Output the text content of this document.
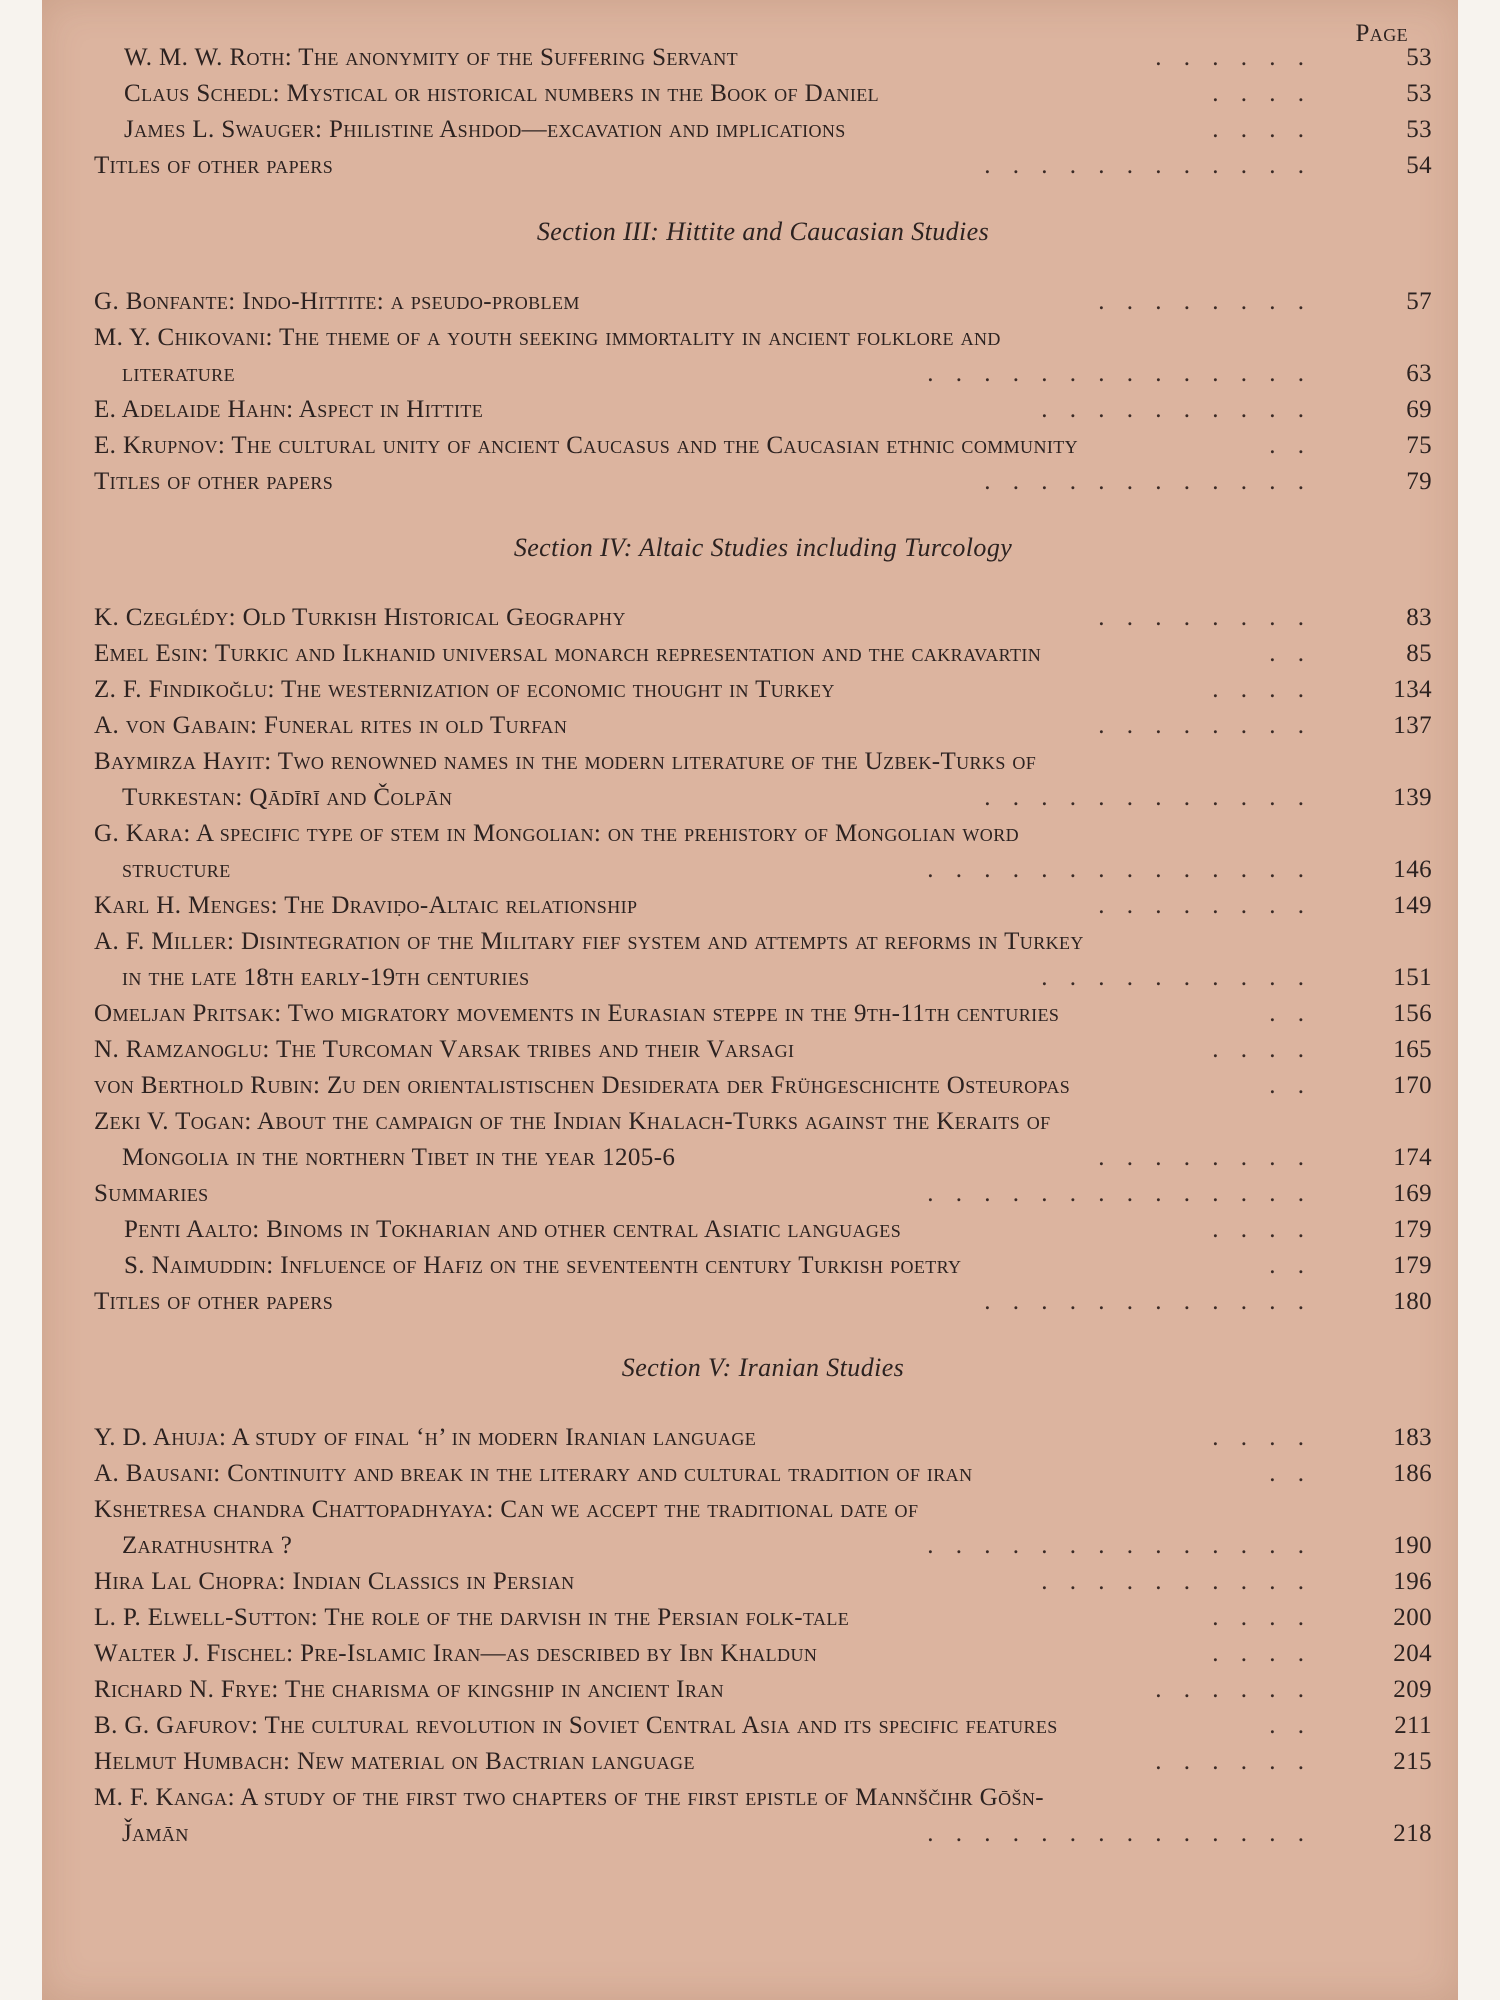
Page
W. M. W. Roth: The anonymity of the Suffering Servant	. . . . . .	53
Claus Schedl: Mystical or historical numbers in the Book of Daniel	. . . .	53
James L. Swauger: Philistine Ashdod—excavation and implications	. . . .	53
Titles of other papers	. . . . . . . . . . . .	54
Section III: Hittite and Caucasian Studies
G. Bonfante: Indo-Hittite: a pseudo-problem	. . . . . . . .	57
M. Y. Chikovani: The theme of a youth seeking immortality in ancient folklore and
literature	. . . . . . . . . . . . . .	63
E. Adelaide Hahn: Aspect in Hittite	. . . . . . . . . .	69
E. Krupnov: The cultural unity of ancient Caucasus and the Caucasian ethnic community	. .	75
Titles of other papers	. . . . . . . . . . . .	79
Section IV: Altaic Studies including Turcology
K. Czeglédy: Old Turkish Historical Geography	. . . . . . . .	83
Emel Esin: Turkic and Ilkhanid universal monarch representation and the cakravartin	. .	85
Z. F. Findikoğlu: The westernization of economic thought in Turkey	. . . .	134
A. von Gabain: Funeral rites in old Turfan	. . . . . . . .	137
Baymirza Hayit: Two renowned names in the modern literature of the Uzbek-Turks of
Turkestan: Qādīrī and Čolpān	. . . . . . . . . . . .	139
G. Kara: A specific type of stem in Mongolian: on the prehistory of Mongolian word
structure	. . . . . . . . . . . . . .	146
Karl H. Menges: The Draviḍo-Altaic relationship	. . . . . . . .	149
A. F. Miller: Disintegration of the Military fief system and attempts at reforms in Turkey
in the late 18th early-19th centuries	. . . . . . . . . .	151
Omeljan Pritsak: Two migratory movements in Eurasian steppe in the 9th-11th centuries	. .	156
N. Ramzanoglu: The Turcoman Varsak tribes and their Varsagi	. . . .	165
von Berthold Rubin: Zu den orientalistischen Desiderata der Frühgeschichte Osteuropas	. .	170
Zeki V. Togan: About the campaign of the Indian Khalach-Turks against the Keraits of
Mongolia in the northern Tibet in the year 1205-6	. . . . . . . .	174
Summaries	. . . . . . . . . . . . . .	169
Penti Aalto: Binoms in Tokharian and other central Asiatic languages	. . . .	179
S. Naimuddin: Influence of Hafiz on the seventeenth century Turkish poetry	. .	179
Titles of other papers	. . . . . . . . . . . .	180
Section V: Iranian Studies
Y. D. Ahuja: A study of final ‘h’ in modern Iranian language	. . . .	183
A. Bausani: Continuity and break in the literary and cultural tradition of iran	. .	186
Kshetresa chandra Chattopadhyaya: Can we accept the traditional date of
Zarathushtra ?	. . . . . . . . . . . . . .	190
Hira Lal Chopra: Indian Classics in Persian	. . . . . . . . . .	196
L. P. Elwell-Sutton: The role of the darvish in the Persian folk-tale	. . . .	200
Walter J. Fischel: Pre-Islamic Iran—as described by Ibn Khaldun	. . . .	204
Richard N. Frye: The charisma of kingship in ancient Iran	. . . . . .	209
B. G. Gafurov: The cultural revolution in Soviet Central Asia and its specific features	. .	211
Helmut Humbach: New material on Bactrian language	. . . . . .	215
M. F. Kanga: A study of the first two chapters of the first epistle of Mannščihr Gōšn-
J̌amān	. . . . . . . . . . . . . .	218
